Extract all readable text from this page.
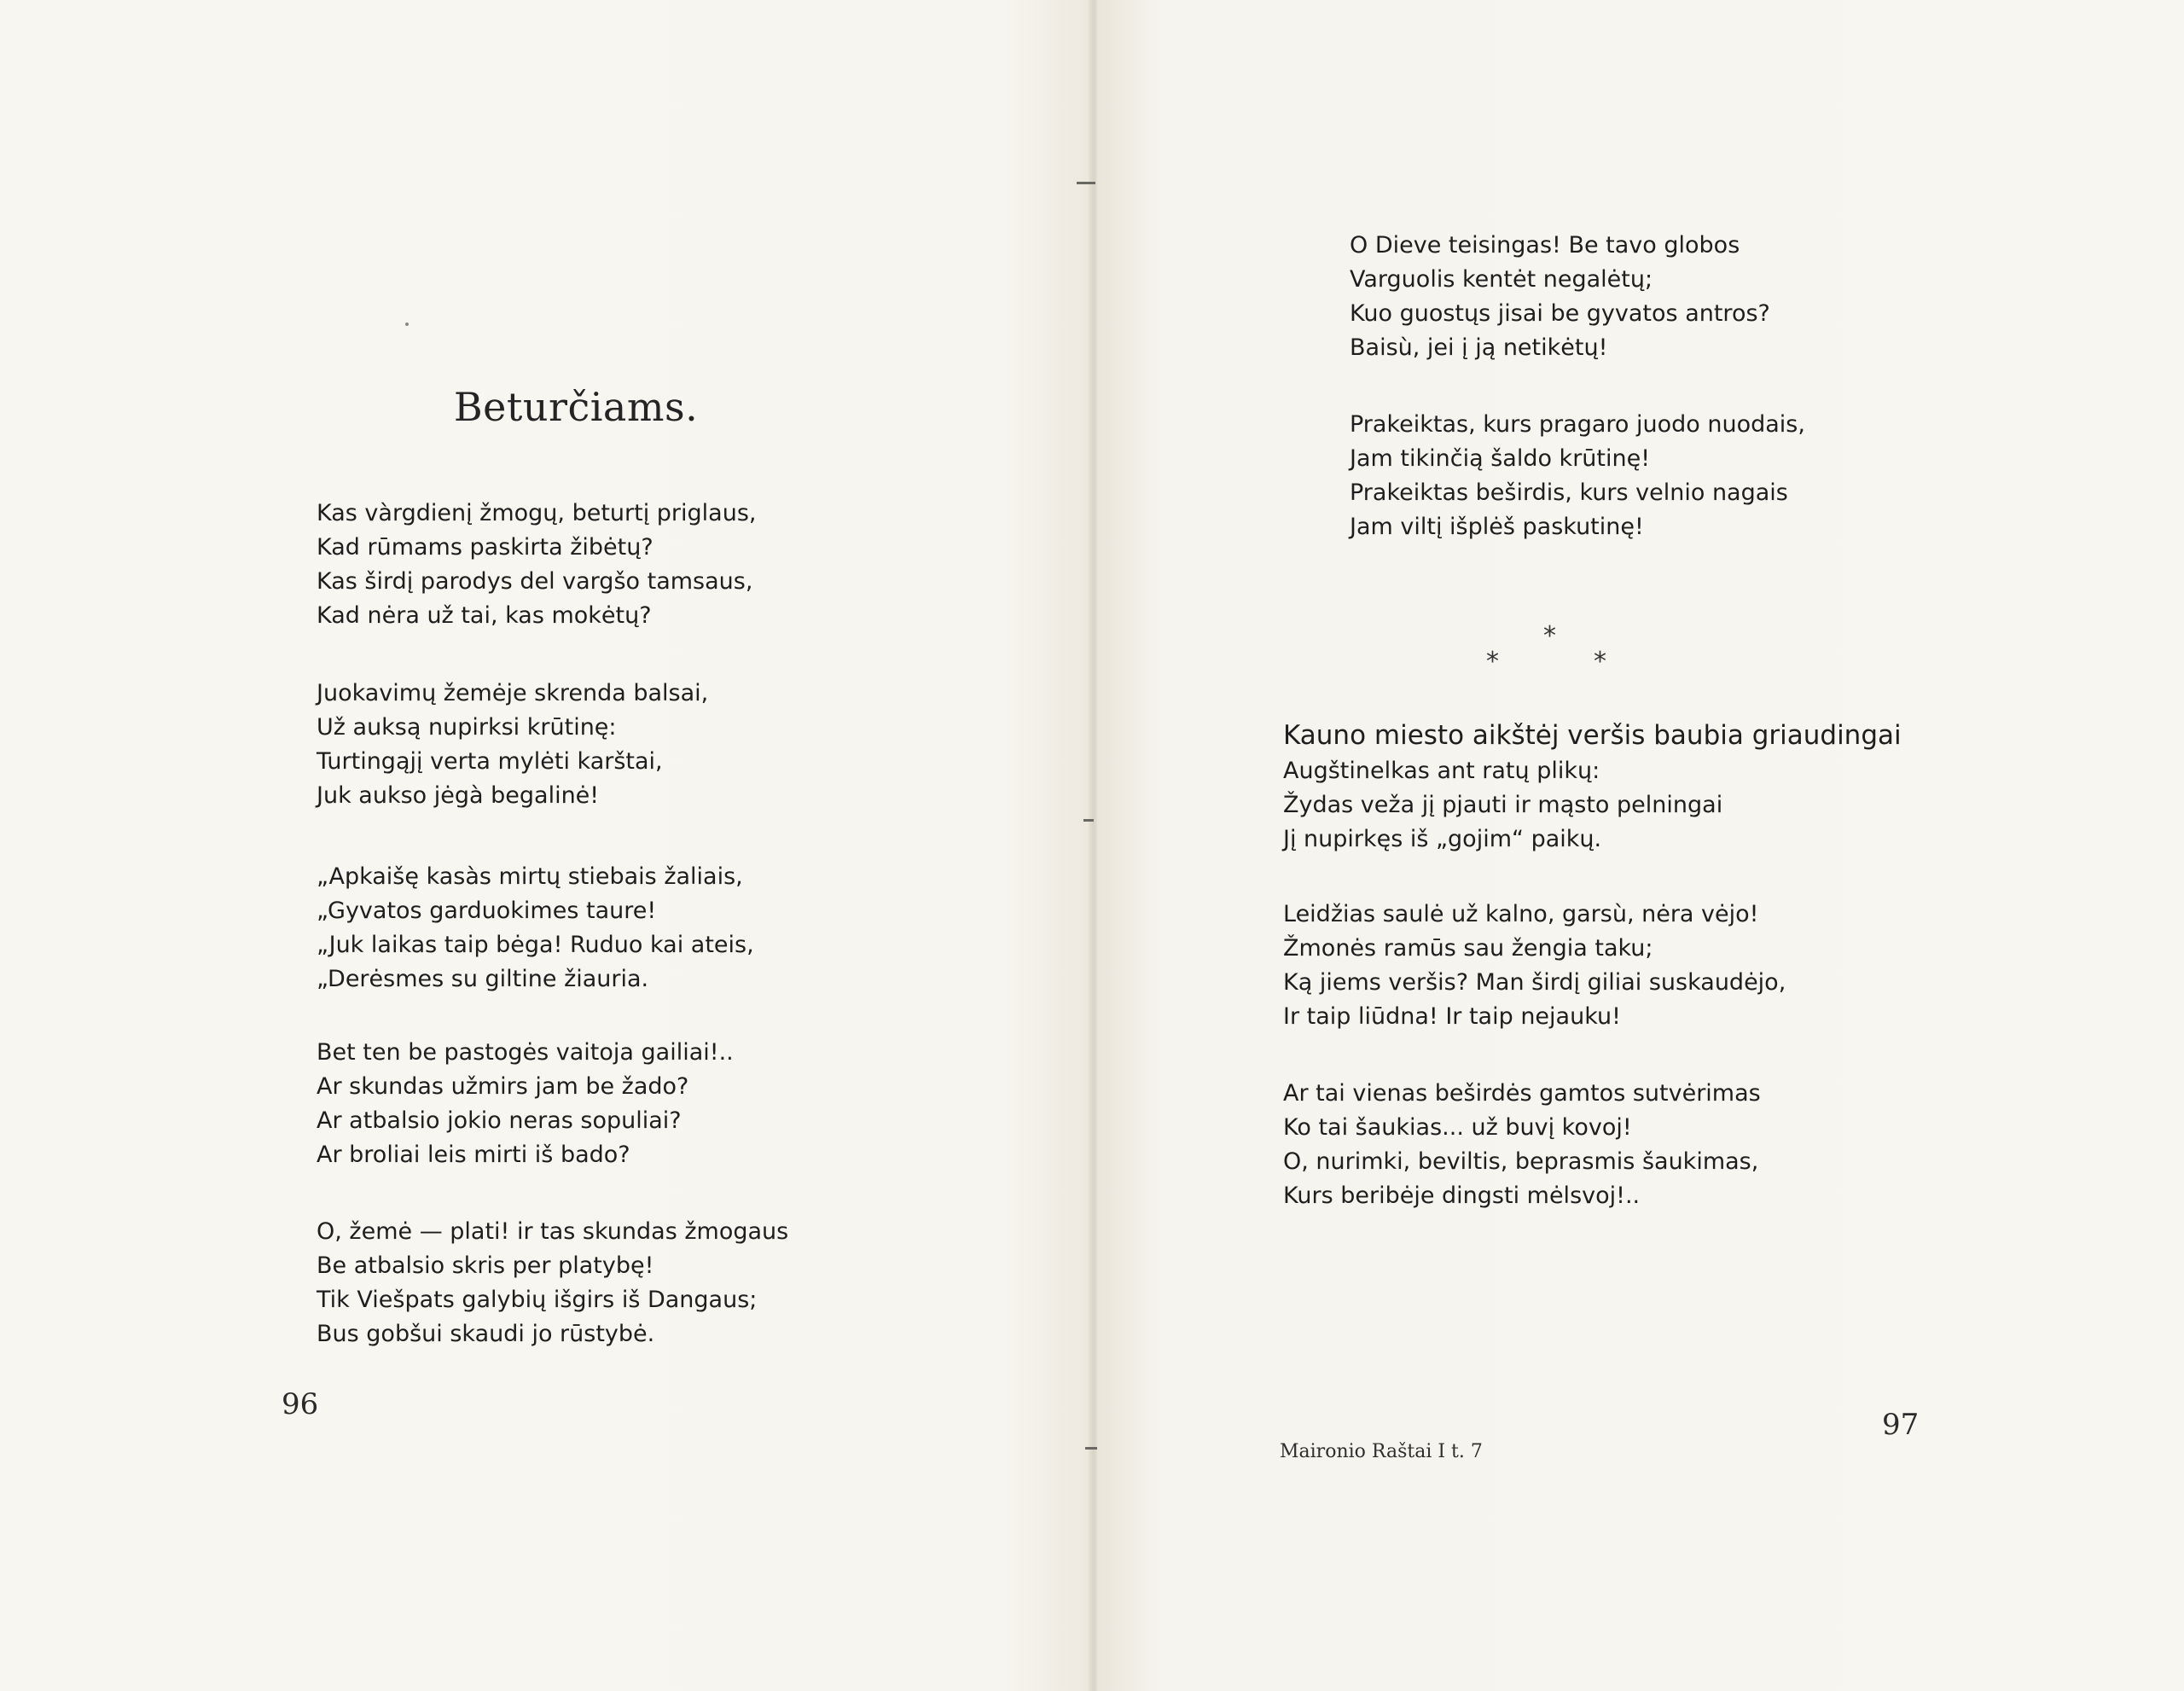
Beturčiams.
Kas vàrgdienį žmogų, beturtį priglaus,
Kad rūmams paskirta žibėtų?
Kas širdį parodys del vargšo tamsaus,
Kad nėra už tai, kas mokėtų?
Juokavimų žemėje skrenda balsai,
Už auksą nupirksi krūtinę:
Turtingąjį verta mylėti karštai,
Juk aukso jėgà begalinė!
„Apkaišę kasàs mirtų stiebais žaliais,
„Gyvatos garduokimes taure!
„Juk laikas taip bėga! Ruduo kai ateis,
„Derėsmes su giltine žiauria.
Bet ten be pastogės vaitoja gailiai!..
Ar skundas užmirs jam be žado?
Ar atbalsio jokio neras sopuliai?
Ar broliai leis mirti iš bado?
O, žemė — plati! ir tas skundas žmogaus
Be atbalsio skris per platybę!
Tik Viešpats galybių išgirs iš Dangaus;
Bus gobšui skaudi jo rūstybė.
96
O Dieve teisingas! Be tavo globos
Varguolis kentėt negalėtų;
Kuo guostųs jisai be gyvatos antros?
Baisù, jei į ją netikėtų!
Prakeiktas, kurs pragaro juodo nuodais,
Jam tikinčią šaldo krūtinę!
Prakeiktas beširdis, kurs velnio nagais
Jam viltį išplėš paskutinę!
*
*	*
Kauno miesto aikštėj veršis baubia griaudingai
Augštinelkas ant ratų plikų:
Žydas veža jį pjauti ir mąsto pelningai
Jį nupirkęs iš „gojim“ paikų.
Leidžias saulė už kalno, garsù, nėra vėjo!
Žmonės ramūs sau žengia taku;
Ką jiems veršis? Man širdį giliai suskaudėjo,
Ir taip liūdna! Ir taip nejauku!
Ar tai vienas beširdės gamtos sutvėrimas
Ko tai šaukias... už buvį kovoj!
O, nurimki, beviltis, beprasmis šaukimas,
Kurs beribėje dingsti mėlsvoj!..
Maironio Raštai I t. 7
97
